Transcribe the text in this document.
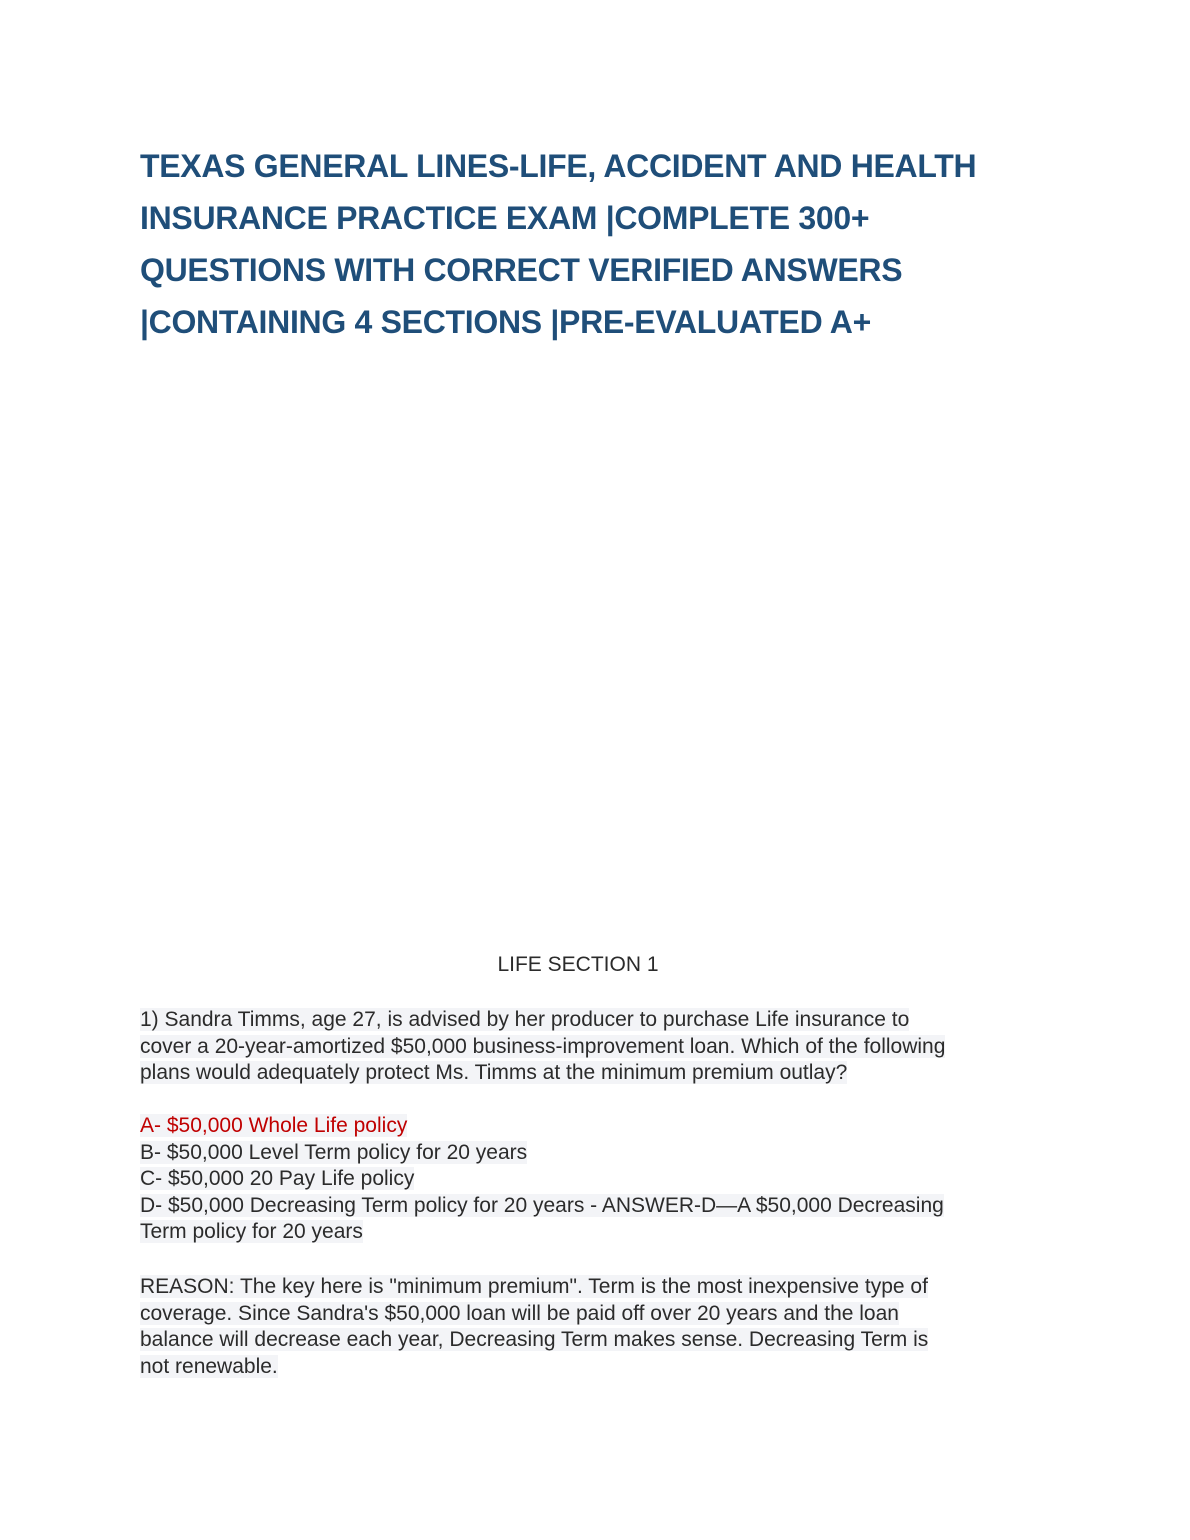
TEXAS GENERAL LINES-LIFE, ACCIDENT AND HEALTH
INSURANCE PRACTICE EXAM |COMPLETE 300+
QUESTIONS WITH CORRECT VERIFIED ANSWERS
|CONTAINING 4 SECTIONS |PRE-EVALUATED A+
LIFE SECTION 1
1) Sandra Timms, age 27, is advised by her producer to purchase Life insurance to
cover a 20-year-amortized $50,000 business-improvement loan. Which of the following
plans would adequately protect Ms. Timms at the minimum premium outlay?
A- $50,000 Whole Life policy
B- $50,000 Level Term policy for 20 years
C- $50,000 20 Pay Life policy
D- $50,000 Decreasing Term policy for 20 years - ANSWER-D—A $50,000 Decreasing
Term policy for 20 years
REASON: The key here is "minimum premium". Term is the most inexpensive type of
coverage. Since Sandra's $50,000 loan will be paid off over 20 years and the loan
balance will decrease each year, Decreasing Term makes sense. Decreasing Term is
not renewable.
